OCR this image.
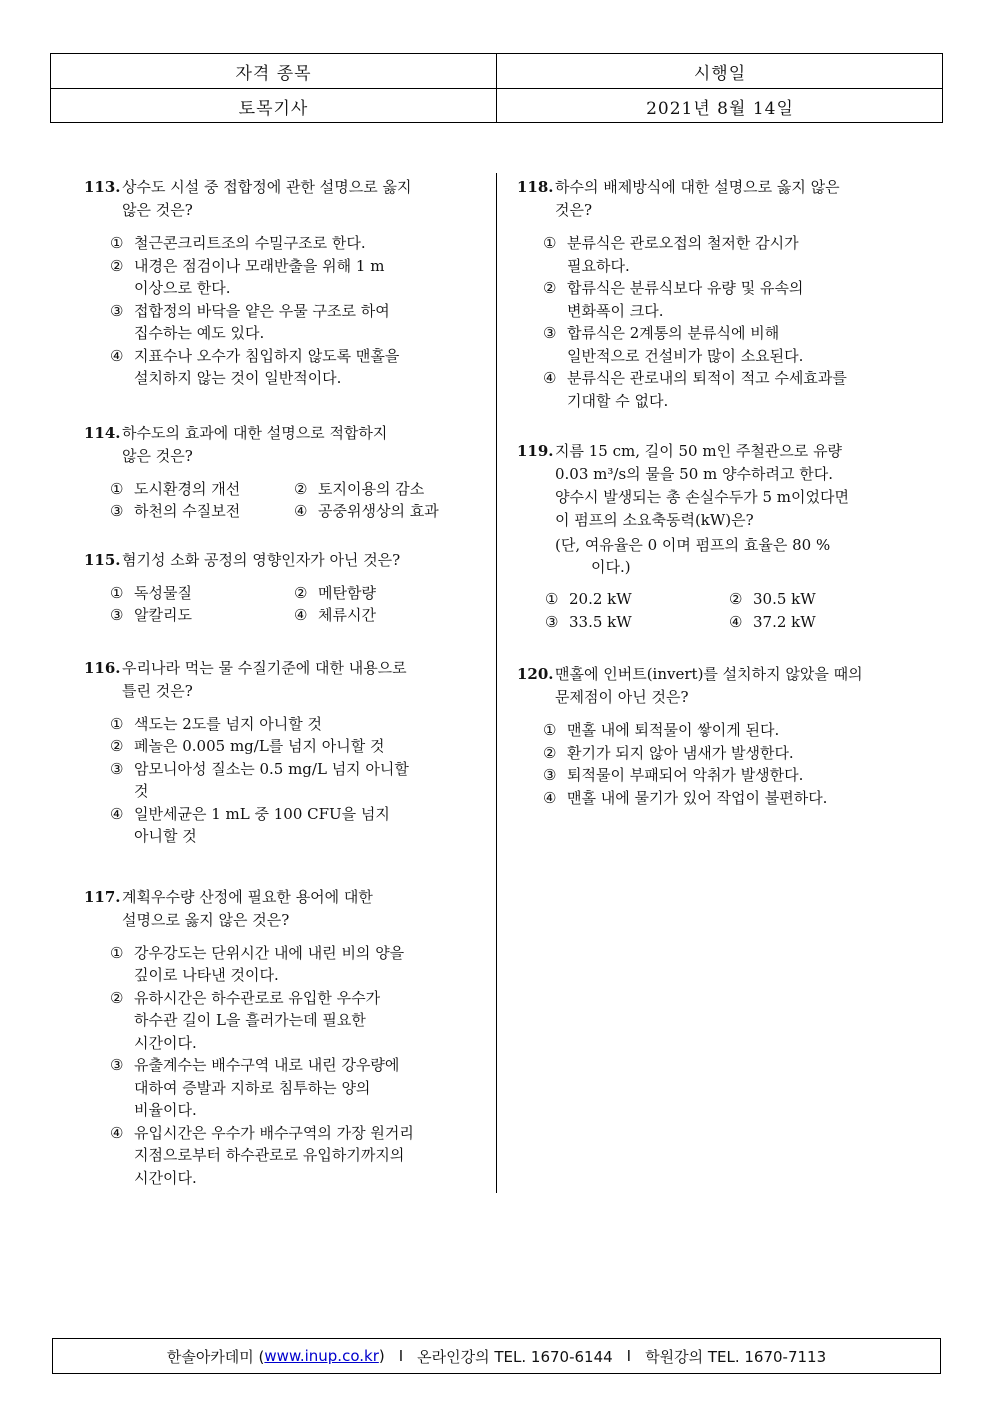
자격 종목	시행일
토목기사	2021년 8월 14일
113. 상수도 시설 중 접합정에 관한 설명으로 옳지
않은 것은?
① 철근콘크리트조의 수밀구조로 한다.
② 내경은 점검이나 모래반출을 위해 1 m
이상으로 한다.
③ 접합정의 바닥을 얕은 우물 구조로 하여
집수하는 예도 있다.
④ 지표수나 오수가 침입하지 않도록 맨홀을
설치하지 않는 것이 일반적이다.
114. 하수도의 효과에 대한 설명으로 적합하지
않은 것은?
① 도시환경의 개선	② 토지이용의 감소
③ 하천의 수질보전	④ 공중위생상의 효과
115. 혐기성 소화 공정의 영향인자가 아닌 것은?
① 독성물질	② 메탄함량
③ 알칼리도	④ 체류시간
116. 우리나라 먹는 물 수질기준에 대한 내용으로
틀린 것은?
① 색도는 2도를 넘지 아니할 것
② 페놀은 0.005 mg/L를 넘지 아니할 것
③ 암모니아성 질소는 0.5 mg/L 넘지 아니할
것
④ 일반세균은 1 mL 중 100 CFU을 넘지
아니할 것
117. 계획우수량 산정에 필요한 용어에 대한
설명으로 옳지 않은 것은?
① 강우강도는 단위시간 내에 내린 비의 양을
깊이로 나타낸 것이다.
② 유하시간은 하수관로로 유입한 우수가
하수관 길이 L을 흘러가는데 필요한
시간이다.
③ 유출계수는 배수구역 내로 내린 강우량에
대하여 증발과 지하로 침투하는 양의
비율이다.
④ 유입시간은 우수가 배수구역의 가장 원거리
지점으로부터 하수관로로 유입하기까지의
시간이다.
118. 하수의 배제방식에 대한 설명으로 옳지 않은
것은?
① 분류식은 관로오접의 철저한 감시가
필요하다.
② 합류식은 분류식보다 유량 및 유속의
변화폭이 크다.
③ 합류식은 2계통의 분류식에 비해
일반적으로 건설비가 많이 소요된다.
④ 분류식은 관로내의 퇴적이 적고 수세효과를
기대할 수 없다.
119. 지름 15 cm, 길이 50 m인 주철관으로 유량
0.03 m³/s의 물을 50 m 양수하려고 한다.
양수시 발생되는 총 손실수두가 5 m이었다면
이 펌프의 소요축동력(kW)은?
(단, 여유율은 0 이며 펌프의 효율은 80 %
이다.)
① 20.2 kW	② 30.5 kW
③ 33.5 kW	④ 37.2 kW
120. 맨홀에 인버트(invert)를 설치하지 않았을 때의
문제점이 아닌 것은?
① 맨홀 내에 퇴적물이 쌓이게 된다.
② 환기가 되지 않아 냄새가 발생한다.
③ 퇴적물이 부패되어 악취가 발생한다.
④ 맨홀 내에 물기가 있어 작업이 불편하다.
한솔아카데미 ( www.inup.co.kr ) I 온라인강의 TEL. 1670-6144 I 학원강의 TEL. 1670-7113
